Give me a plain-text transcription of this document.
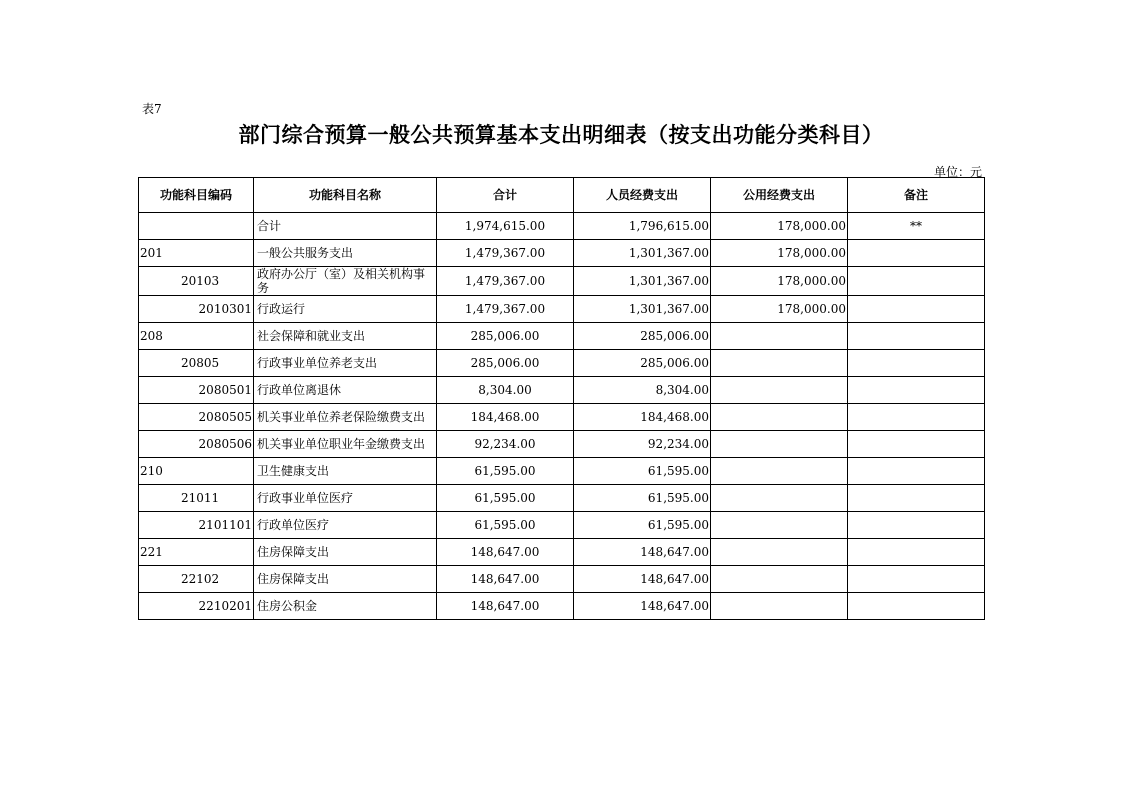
表7
部门综合预算一般公共预算基本支出明细表（按支出功能分类科目）
单位：元
功能科目编码	功能科目名称	合计	人员经费支出	公用经费支出	备注
	合计	1,974,615.00	1,796,615.00	178,000.00	**
201	一般公共服务支出	1,479,367.00	1,301,367.00	178,000.00	
20103	政府办公厅（室）及相关机构事务	1,479,367.00	1,301,367.00	178,000.00	
2010301	行政运行	1,479,367.00	1,301,367.00	178,000.00	
208	社会保障和就业支出	285,006.00	285,006.00		
20805	行政事业单位养老支出	285,006.00	285,006.00		
2080501	行政单位离退休	8,304.00	8,304.00		
2080505	机关事业单位养老保险缴费支出	184,468.00	184,468.00		
2080506	机关事业单位职业年金缴费支出	92,234.00	92,234.00		
210	卫生健康支出	61,595.00	61,595.00		
21011	行政事业单位医疗	61,595.00	61,595.00		
2101101	行政单位医疗	61,595.00	61,595.00		
221	住房保障支出	148,647.00	148,647.00		
22102	住房保障支出	148,647.00	148,647.00		
2210201	住房公积金	148,647.00	148,647.00		
